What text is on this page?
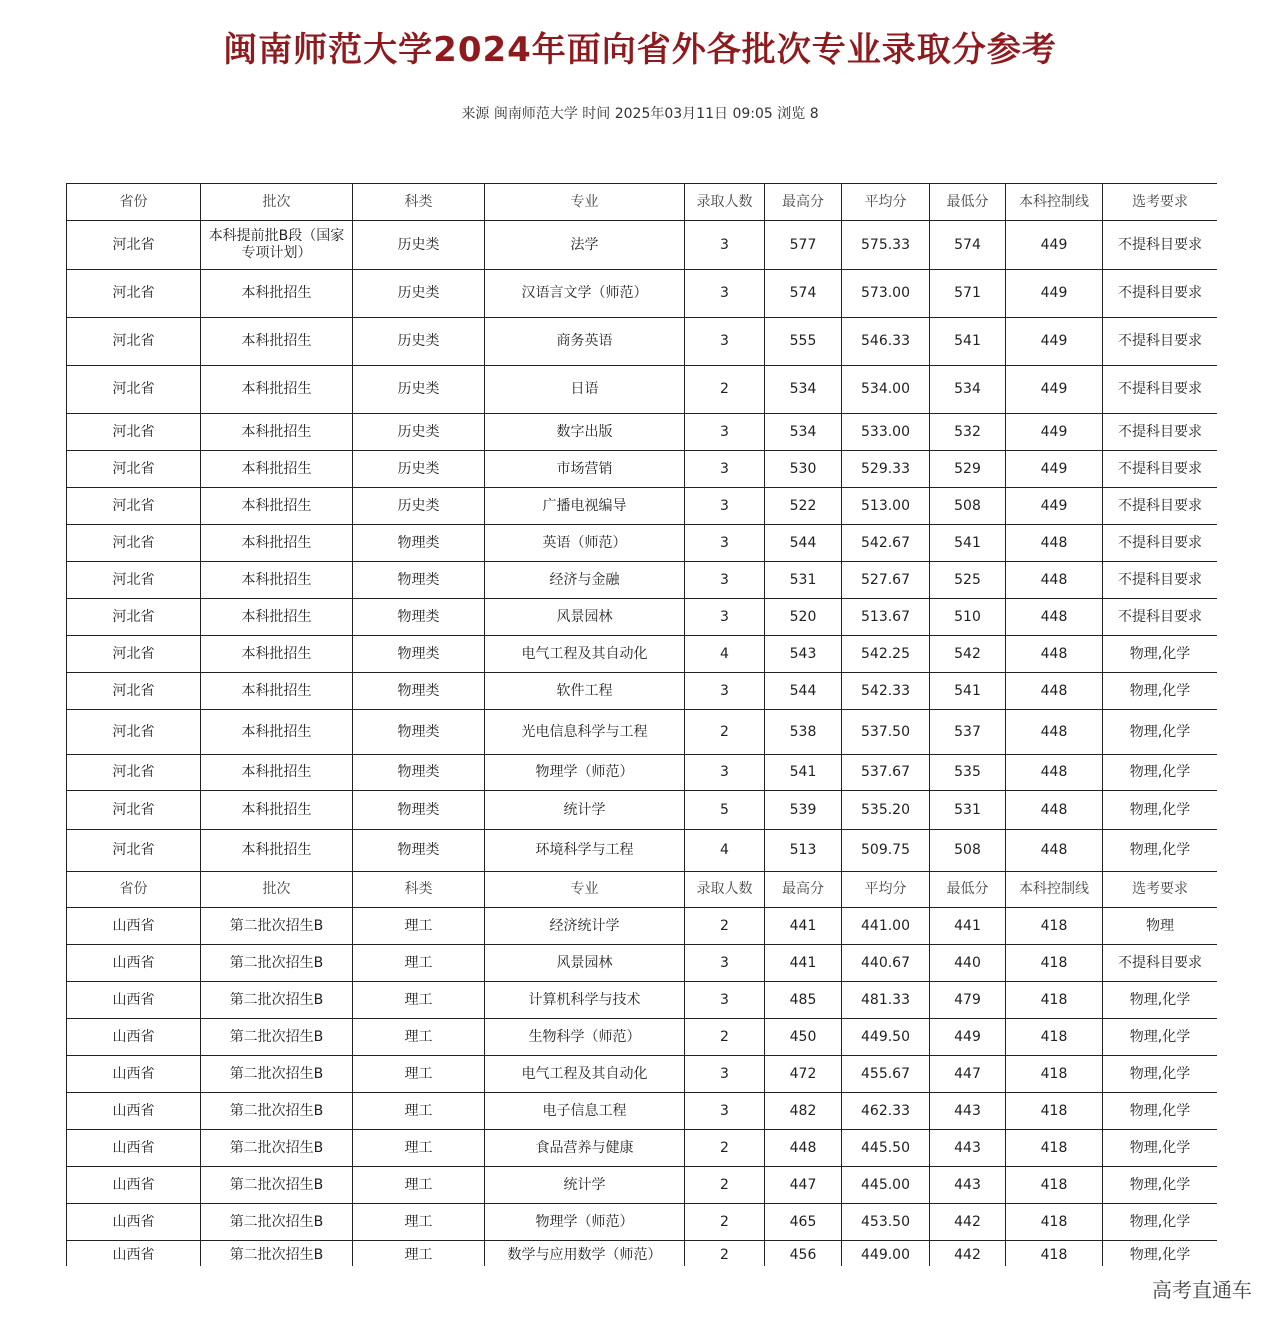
闽南师范大学2024年面向省外各批次专业录取分参考
来源 闽南师范大学 时间 2025年03月11日 09:05 浏览 8
省份	批次	科类	专业	录取人数	最高分	平均分	最低分	本科控制线	选考要求
河北省	本科提前批B段（国家专项计划）	历史类	法学	3	577	575.33	574	449	不提科目要求
河北省	本科批招生	历史类	汉语言文学（师范）	3	574	573.00	571	449	不提科目要求
河北省	本科批招生	历史类	商务英语	3	555	546.33	541	449	不提科目要求
河北省	本科批招生	历史类	日语	2	534	534.00	534	449	不提科目要求
河北省	本科批招生	历史类	数字出版	3	534	533.00	532	449	不提科目要求
河北省	本科批招生	历史类	市场营销	3	530	529.33	529	449	不提科目要求
河北省	本科批招生	历史类	广播电视编导	3	522	513.00	508	449	不提科目要求
河北省	本科批招生	物理类	英语（师范）	3	544	542.67	541	448	不提科目要求
河北省	本科批招生	物理类	经济与金融	3	531	527.67	525	448	不提科目要求
河北省	本科批招生	物理类	风景园林	3	520	513.67	510	448	不提科目要求
河北省	本科批招生	物理类	电气工程及其自动化	4	543	542.25	542	448	物理,化学
河北省	本科批招生	物理类	软件工程	3	544	542.33	541	448	物理,化学
河北省	本科批招生	物理类	光电信息科学与工程	2	538	537.50	537	448	物理,化学
河北省	本科批招生	物理类	物理学（师范）	3	541	537.67	535	448	物理,化学
河北省	本科批招生	物理类	统计学	5	539	535.20	531	448	物理,化学
河北省	本科批招生	物理类	环境科学与工程	4	513	509.75	508	448	物理,化学
省份	批次	科类	专业	录取人数	最高分	平均分	最低分	本科控制线	选考要求
山西省	第二批次招生B	理工	经济统计学	2	441	441.00	441	418	物理
山西省	第二批次招生B	理工	风景园林	3	441	440.67	440	418	不提科目要求
山西省	第二批次招生B	理工	计算机科学与技术	3	485	481.33	479	418	物理,化学
山西省	第二批次招生B	理工	生物科学（师范）	2	450	449.50	449	418	物理,化学
山西省	第二批次招生B	理工	电气工程及其自动化	3	472	455.67	447	418	物理,化学
山西省	第二批次招生B	理工	电子信息工程	3	482	462.33	443	418	物理,化学
山西省	第二批次招生B	理工	食品营养与健康	2	448	445.50	443	418	物理,化学
山西省	第二批次招生B	理工	统计学	2	447	445.00	443	418	物理,化学
山西省	第二批次招生B	理工	物理学（师范）	2	465	453.50	442	418	物理,化学
山西省	第二批次招生B	理工	数学与应用数学（师范）	2	456	449.00	442	418	物理,化学
高考直通车
